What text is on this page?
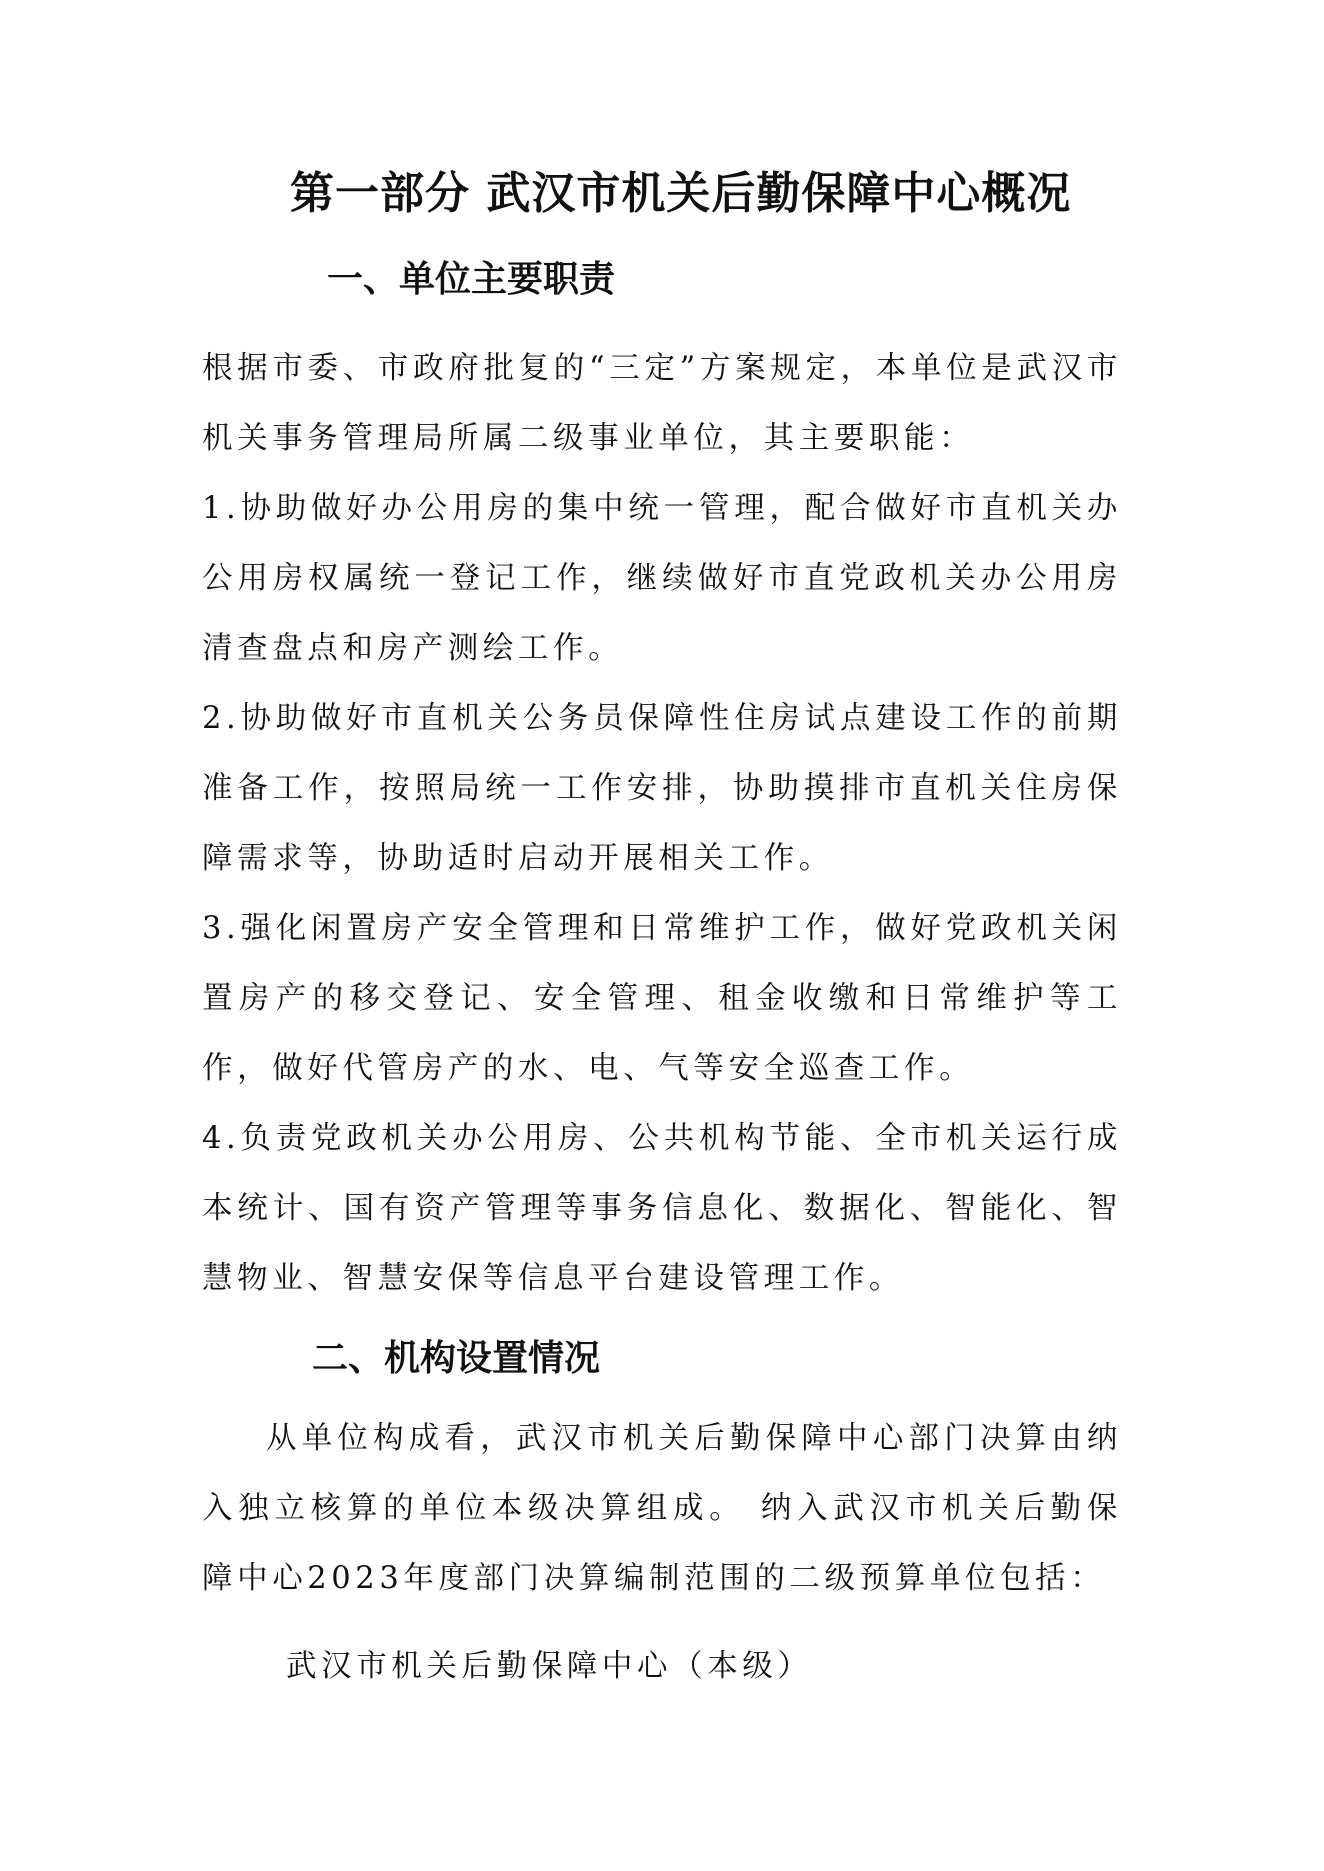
第一部分 武汉市机关后勤保障中心概况
一、单位主要职责
根据市委、市政府批复的“三定”方案规定，本单位是武汉市机关事务管理局所属二级事业单位，其主要职能：
1.协助做好办公用房的集中统一管理，配合做好市直机关办公用房权属统一登记工作，继续做好市直党政机关办公用房清查盘点和房产测绘工作。
2.协助做好市直机关公务员保障性住房试点建设工作的前期准备工作，按照局统一工作安排，协助摸排市直机关住房保障需求等，协助适时启动开展相关工作。
3.强化闲置房产安全管理和日常维护工作，做好党政机关闲置房产的移交登记、安全管理、租金收缴和日常维护等工作，做好代管房产的水、电、气等安全巡查工作。
4.负责党政机关办公用房、公共机构节能、全市机关运行成本统计、国有资产管理等事务信息化、数据化、智能化、智慧物业、智慧安保等信息平台建设管理工作。
二、机构设置情况
从单位构成看，武汉市机关后勤保障中心部门决算由纳入独立核算的单位本级决算组成。 纳入武汉市机关后勤保障中心2023年度部门决算编制范围的二级预算单位包括：
武汉市机关后勤保障中心（本级）
